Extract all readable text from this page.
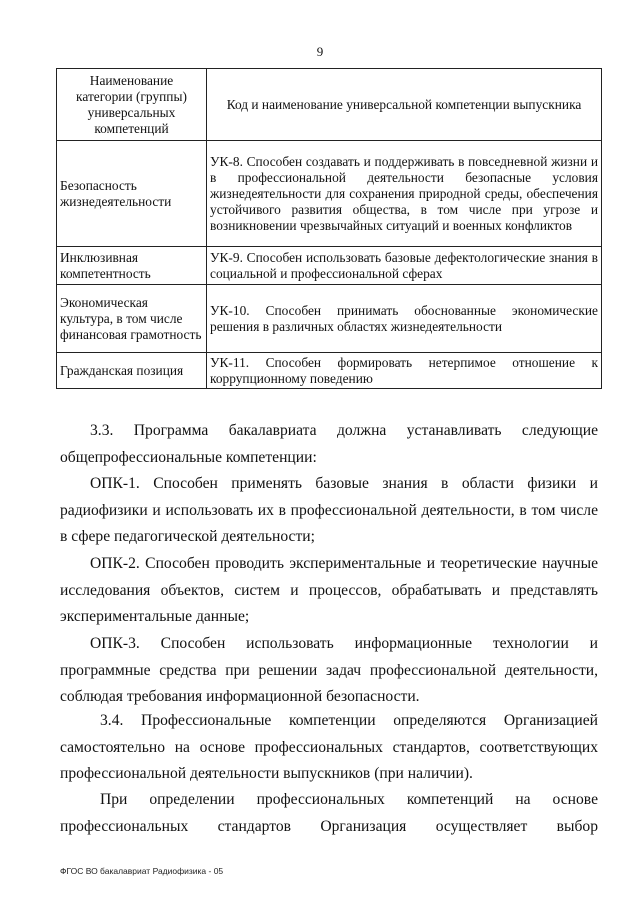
9
Наименование категории (группы) универсальных компетенций	Код и наименование универсальной компетенции выпускника
Безопасность жизнедеятельности	УК-8. Способен создавать и поддерживать в повседневной жизни и в профессиональной деятельности безопасные условия жизнедеятельности для сохранения природной среды, обеспечения устойчивого развития общества, в том числе при угрозе и возникновении чрезвычайных ситуаций и военных конфликтов
Инклюзивная компетентность	УК-9. Способен использовать базовые дефектологические знания в социальной и профессиональной сферах
Экономическая культура, в том числе финансовая грамотность	УК-10. Способен принимать обоснованные экономические решения в различных областях жизнедеятельности
Гражданская позиция	УК-11. Способен формировать нетерпимое отношение к коррупционному поведению

3.3. Программа бакалавриата должна устанавливать следующие общепрофессиональные компетенции:

ОПК-1. Способен применять базовые знания в области физики и радиофизики и использовать их в профессиональной деятельности, в том числе в сфере педагогической деятельности;

ОПК-2. Способен проводить экспериментальные и теоретические научные исследования объектов, систем и процессов, обрабатывать и представлять экспериментальные данные;

ОПК-3. Способен использовать информационные технологии и программные средства при решении задач профессиональной деятельности, соблюдая требования информационной безопасности.

3.4. Профессиональные компетенции определяются Организацией самостоятельно на основе профессиональных стандартов, соответствующих профессиональной деятельности выпускников (при наличии).

При определении профессиональных компетенций на основе профессиональных стандартов Организация осуществляет выбор

ФГОС ВО бакалавриат Радиофизика - 05
